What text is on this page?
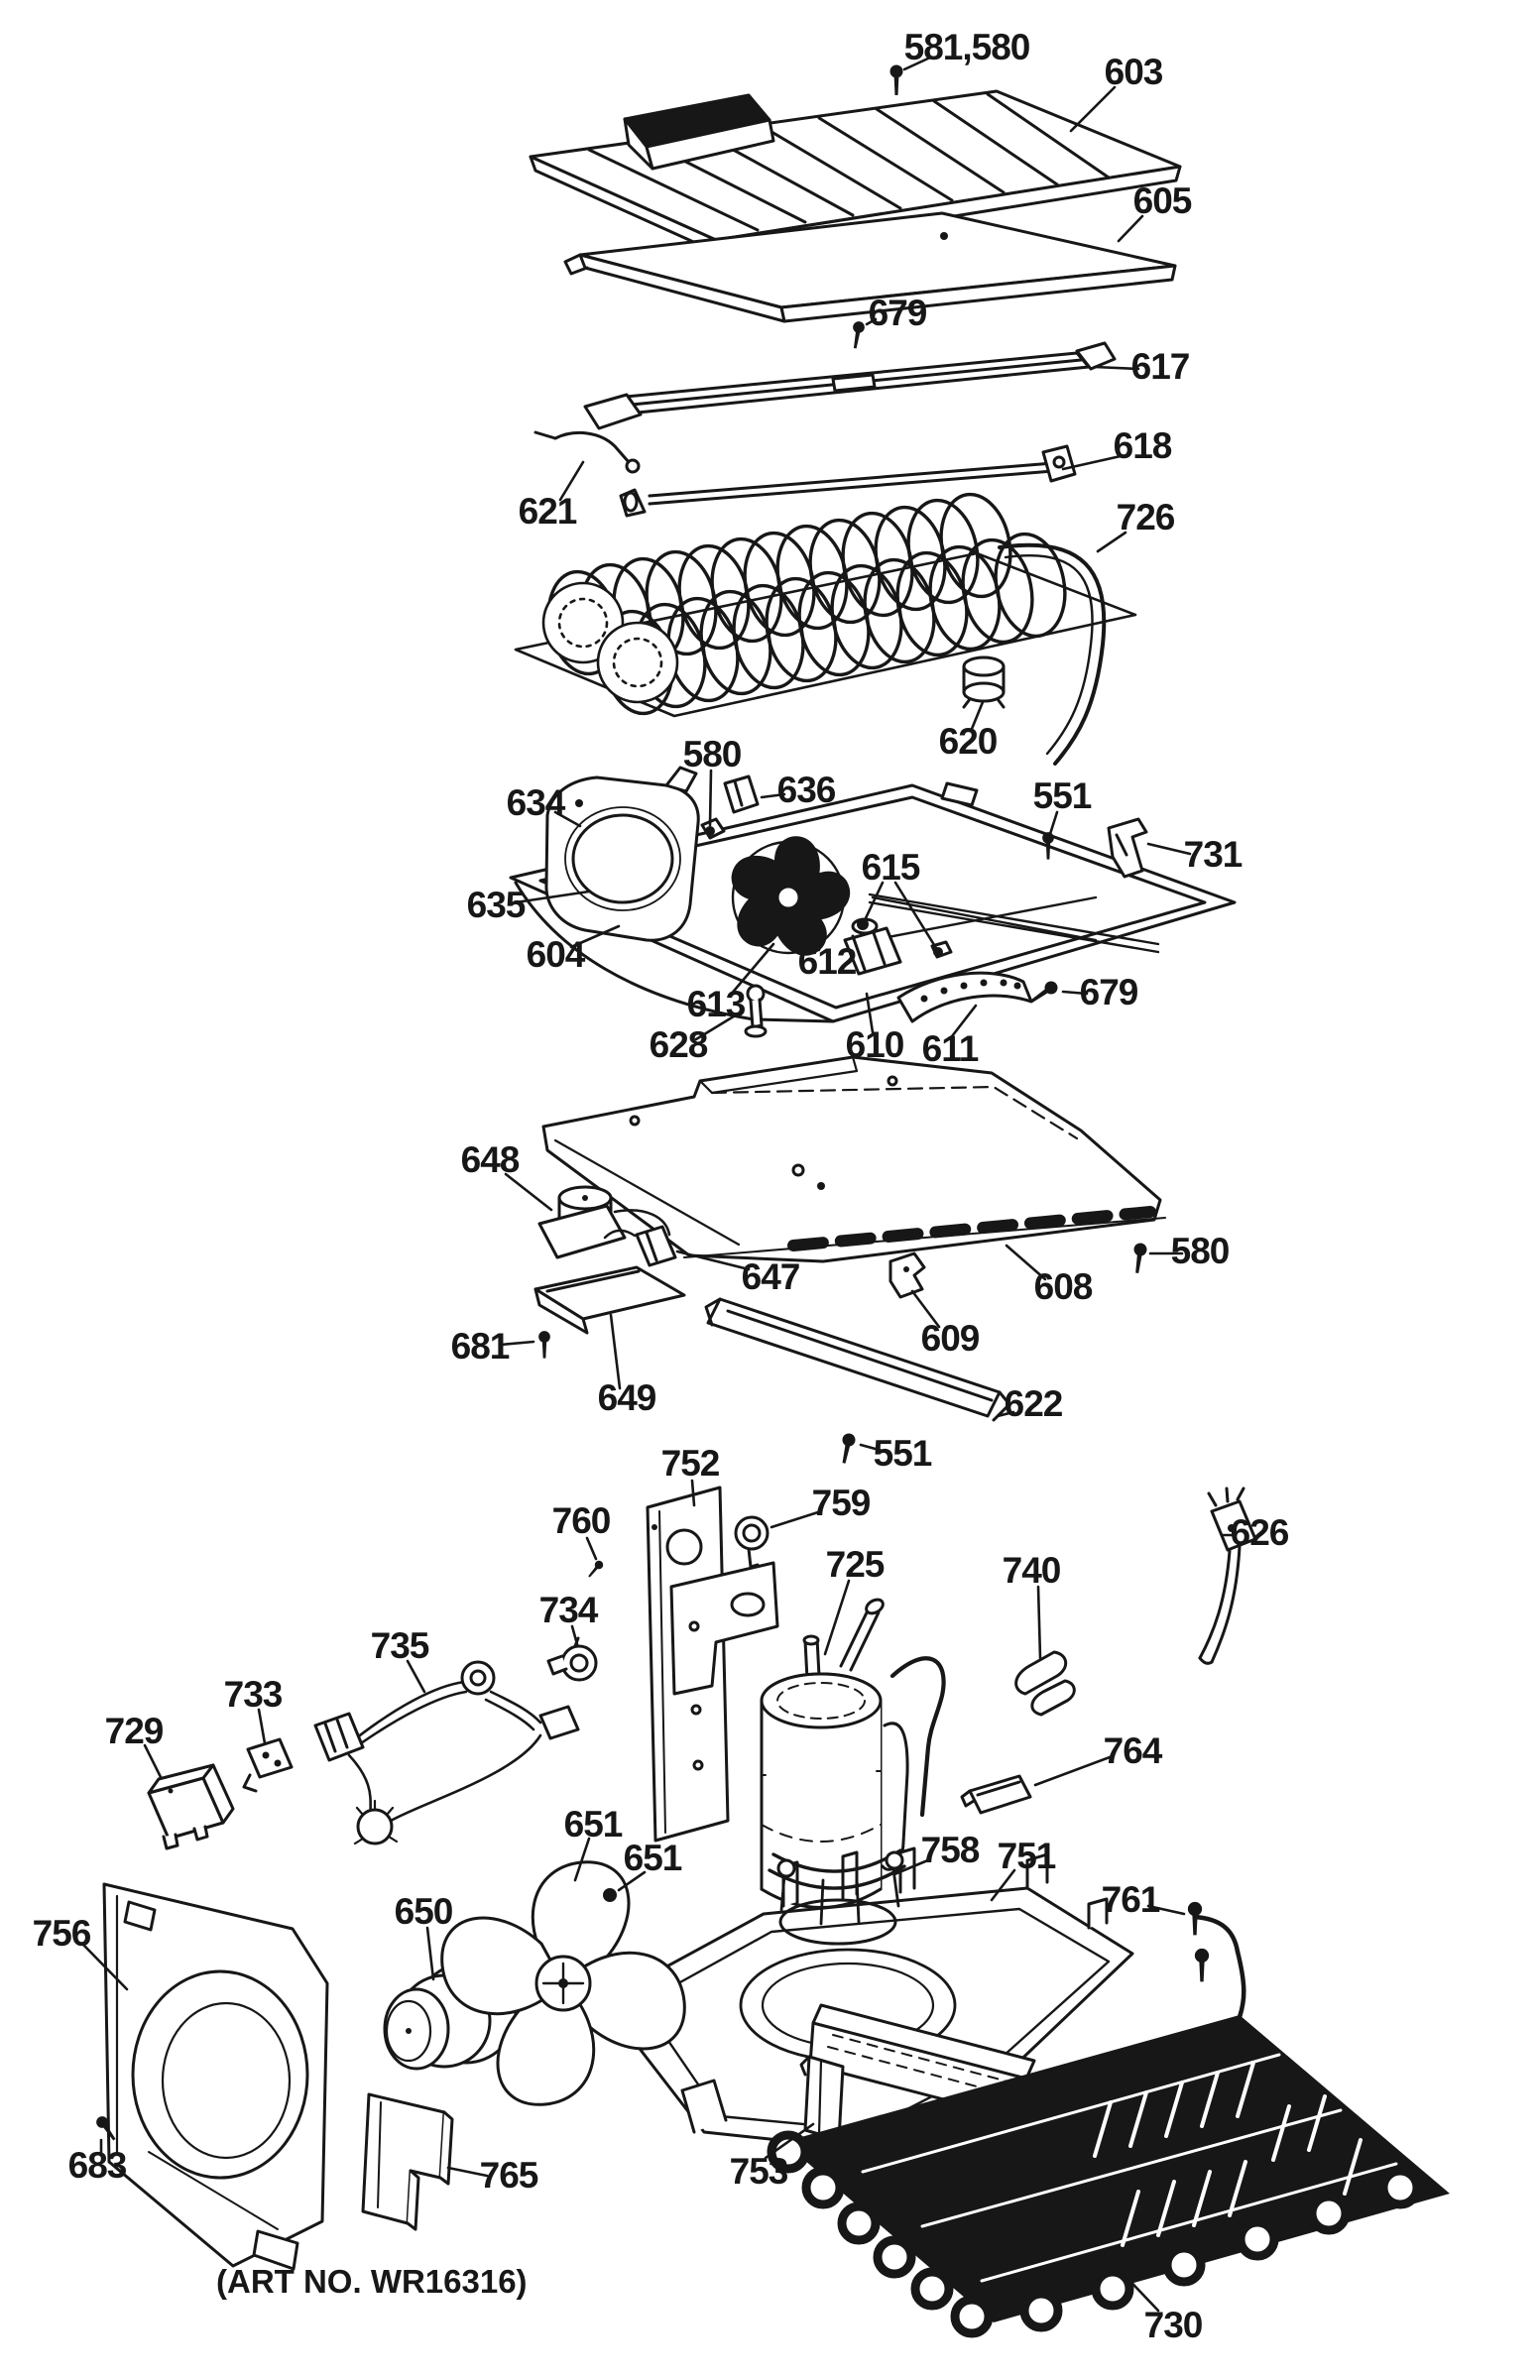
581,580
603
605
679
617
618
621	726
620
580
636	551
634
731
615
635
604	612
679
613
628	610 611
648
580
647	608
609
681
649	622
551
752
759
760
725	740
626
734
735
733
729	764
651
651	758 751
650	761
756
683	765	753
730
(ART NO. WR16316)
